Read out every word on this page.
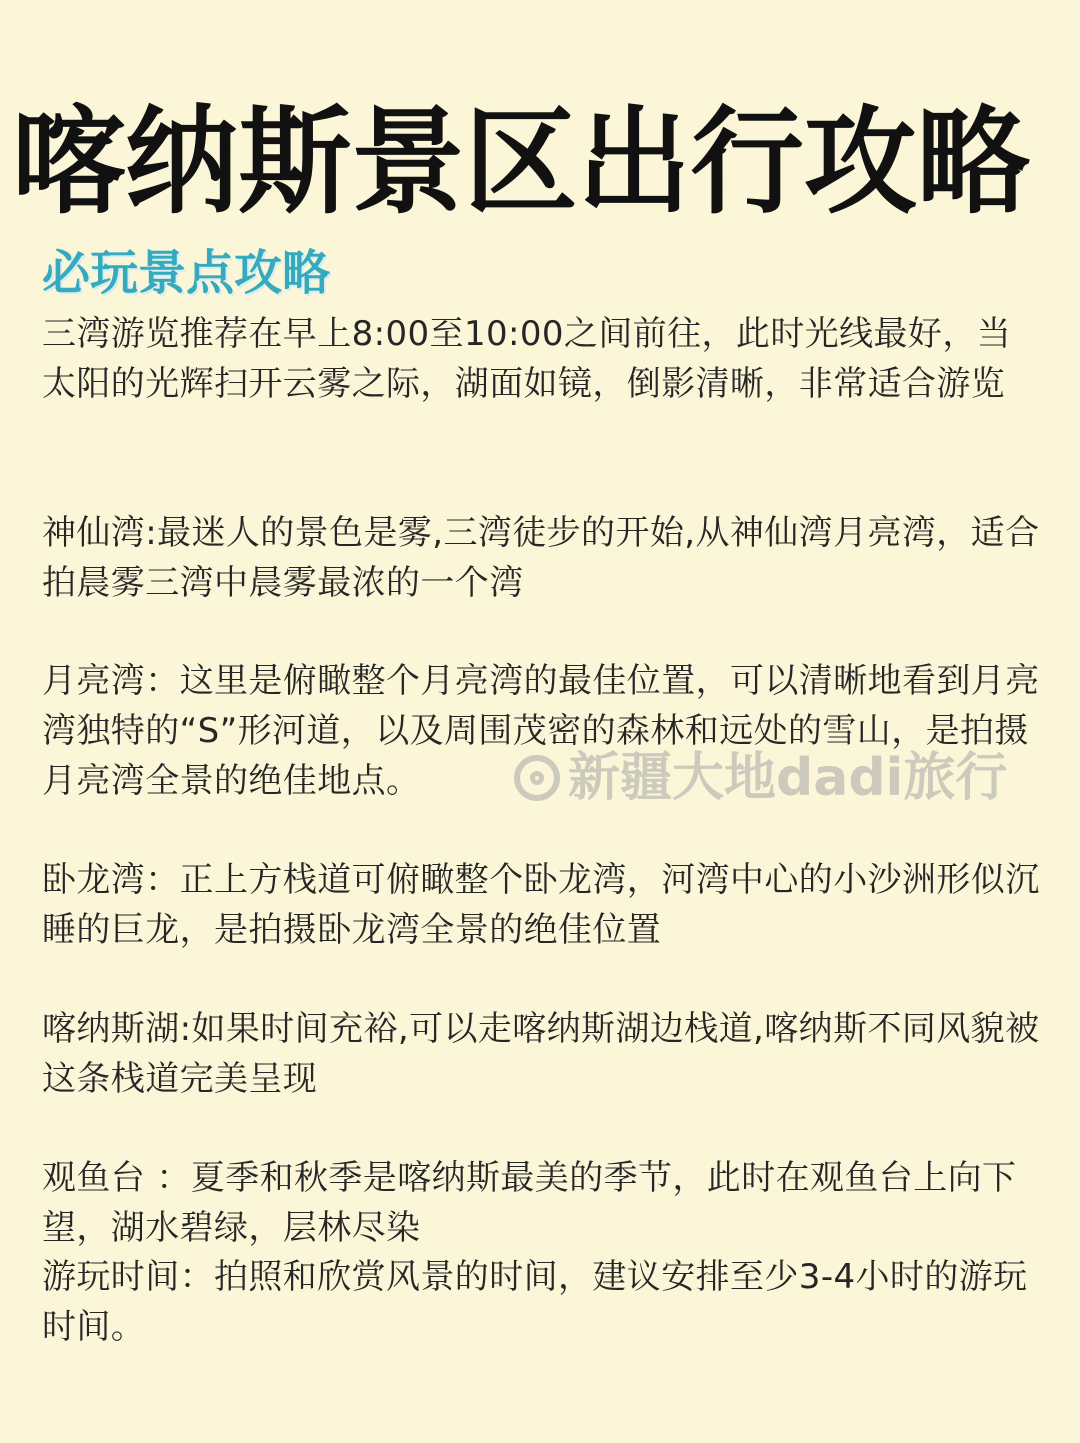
喀纳斯景区出行攻略
必玩景点攻略
三湾游览推荐在早上8:00至10:00之间前往，此时光线最好，当太阳的光辉扫开云雾之际，湖面如镜，倒影清晰，非常适合游览
神仙湾:最迷人的景色是雾,三湾徒步的开始,从神仙湾月亮湾，适合拍晨雾三湾中晨雾最浓的一个湾
月亮湾：这里是俯瞰整个月亮湾的最佳位置，可以清晰地看到月亮湾独特的“S”形河道，以及周围茂密的森林和远处的雪山，是拍摄月亮湾全景的绝佳地点。
卧龙湾：正上方栈道可俯瞰整个卧龙湾，河湾中心的小沙洲形似沉睡的巨龙，是拍摄卧龙湾全景的绝佳位置
喀纳斯湖:如果时间充裕,可以走喀纳斯湖边栈道,喀纳斯不同风貌被这条栈道完美呈现
观鱼台 ：夏季和秋季是喀纳斯最美的季节，此时在观鱼台上向下望，湖水碧绿，层林尽染
游玩时间：拍照和欣赏风景的时间，建议安排至少3-4小时的游玩时间。
新疆大地dadi旅行
